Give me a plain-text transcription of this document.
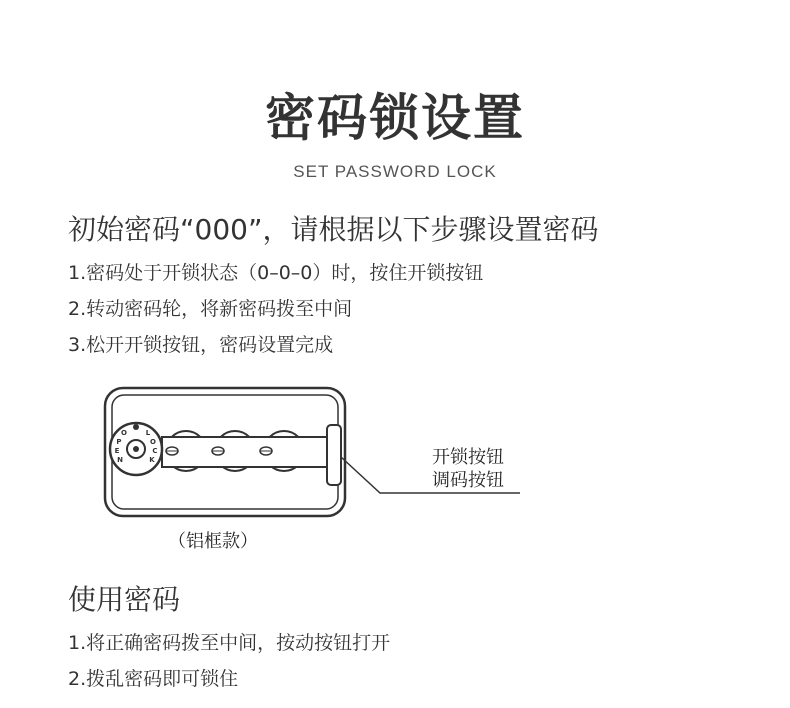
密码锁设置
SET PASSWORD LOCK
初始密码“000”，请根据以下步骤设置密码
1.密码处于开锁状态（0–0–0）时，按住开锁按钮
2.转动密码轮，将新密码拨至中间
3.松开开锁按钮，密码设置完成
O
P
E
N
L
O
C
K	开锁按钮
调码按钮
（铝框款）
使用密码
1.将正确密码拨至中间，按动按钮打开
2.拨乱密码即可锁住
